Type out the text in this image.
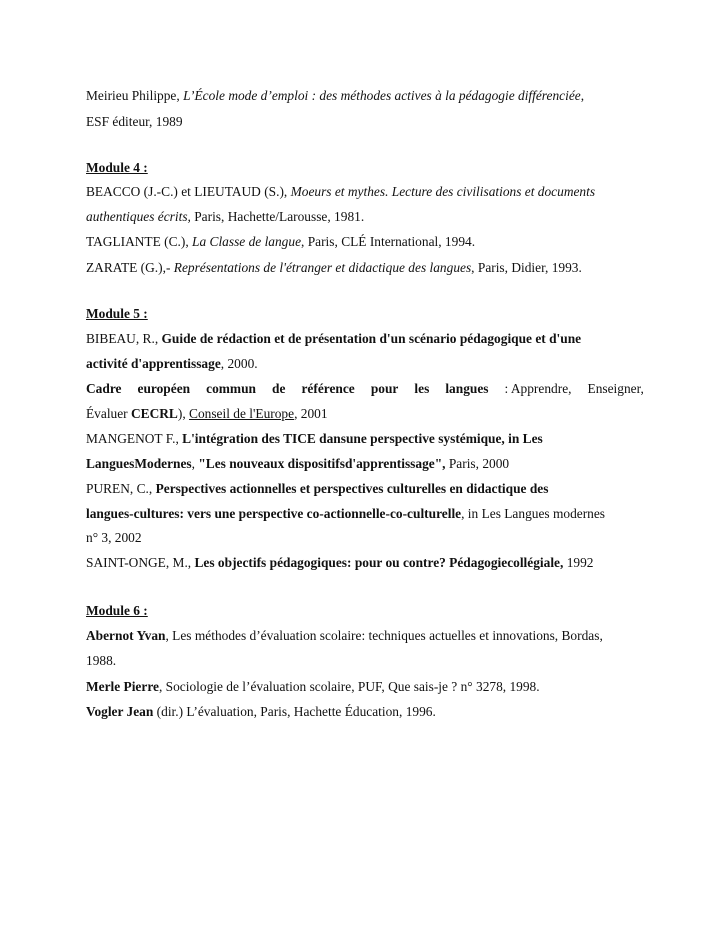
Meirieu Philippe, L’École mode d’emploi : des méthodes actives à la pédagogie différenciée,
ESF éditeur, 1989
Module 4 :
BEACCO (J.-C.) et LIEUTAUD (S.), Moeurs et mythes. Lecture des civilisations et documents
authentiques écrits, Paris, Hachette/Larousse, 1981.
TAGLIANTE (C.), La Classe de langue, Paris, CLÉ International, 1994.
ZARATE (G.),- Représentations de l'étranger et didactique des langues, Paris, Didier, 1993.
Module 5 :
BIBEAU, R., Guide de rédaction et de présentation d'un scénario pédagogique et d'une
activité d'apprentissage, 2000.
Cadre européen commun de référence pour les langues : Apprendre, Enseigner,
Évaluer CECRL), Conseil de l'Europe, 2001
MANGENOT F., L'intégration des TICE dansune perspective systémique, in Les
LanguesModernes, "Les nouveaux dispositifsd'apprentissage", Paris, 2000
PUREN, C., Perspectives actionnelles et perspectives culturelles en didactique des
langues-cultures: vers une perspective co-actionnelle-co-culturelle, in Les Langues modernes
n° 3, 2002
SAINT-ONGE, M., Les objectifs pédagogiques: pour ou contre? Pédagogiecollégiale, 1992
Module 6 :
Abernot Yvan, Les méthodes d’évaluation scolaire: techniques actuelles et innovations, Bordas,
1988.
Merle Pierre, Sociologie de l’évaluation scolaire, PUF, Que sais-je ? n° 3278, 1998.
Vogler Jean (dir.) L’évaluation, Paris, Hachette Éducation, 1996.
